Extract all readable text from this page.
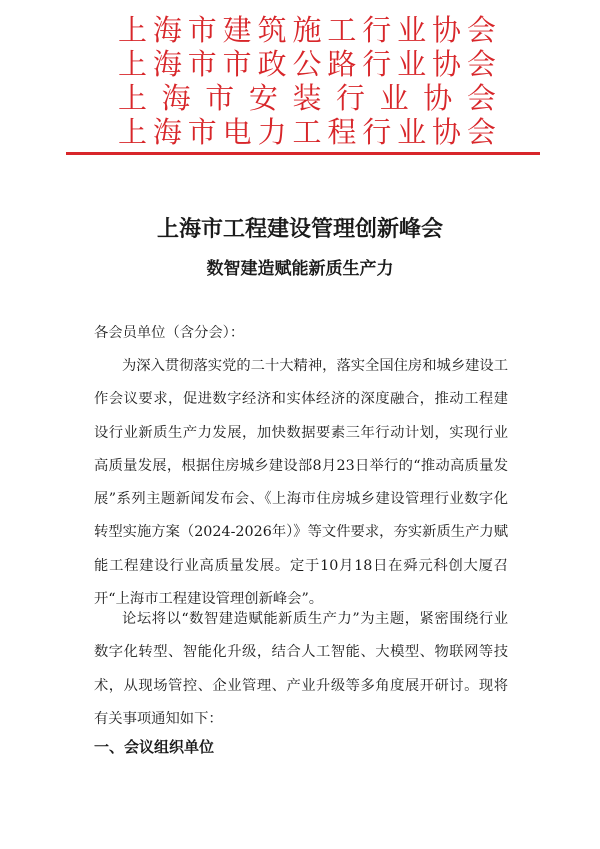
上 海 市 建 筑 施 工 行 业 协 会
上 海 市 市 政 公 路 行 业 协 会
上 海 市 安 装 行 业 协 会
上 海 市 电 力 工 程 行 业 协 会
上海市工程建设管理创新峰会
数智建造赋能新质生产力
各会员单位（含分会）：
为深入贯彻落实党的二十大精神，落实全国住房和城乡建设工作会议要求，促进数字经济和实体经济的深度融合，推动工程建设行业新质生产力发展，加快数据要素三年行动计划，实现行业高质量发展，根据住房城乡建设部8月23日举行的“推动高质量发展”系列主题新闻发布会、《上海市住房城乡建设管理行业数字化转型实施方案（2024-2026年）》等文件要求，夯实新质生产力赋能工程建设行业高质量发展。定于10月18日在舜元科创大厦召开“上海市工程建设管理创新峰会”。
论坛将以“数智建造赋能新质生产力”为主题，紧密围绕行业数字化转型、智能化升级，结合人工智能、大模型、物联网等技术，从现场管控、企业管理、产业升级等多角度展开研讨。现将有关事项通知如下：
一、会议组织单位
